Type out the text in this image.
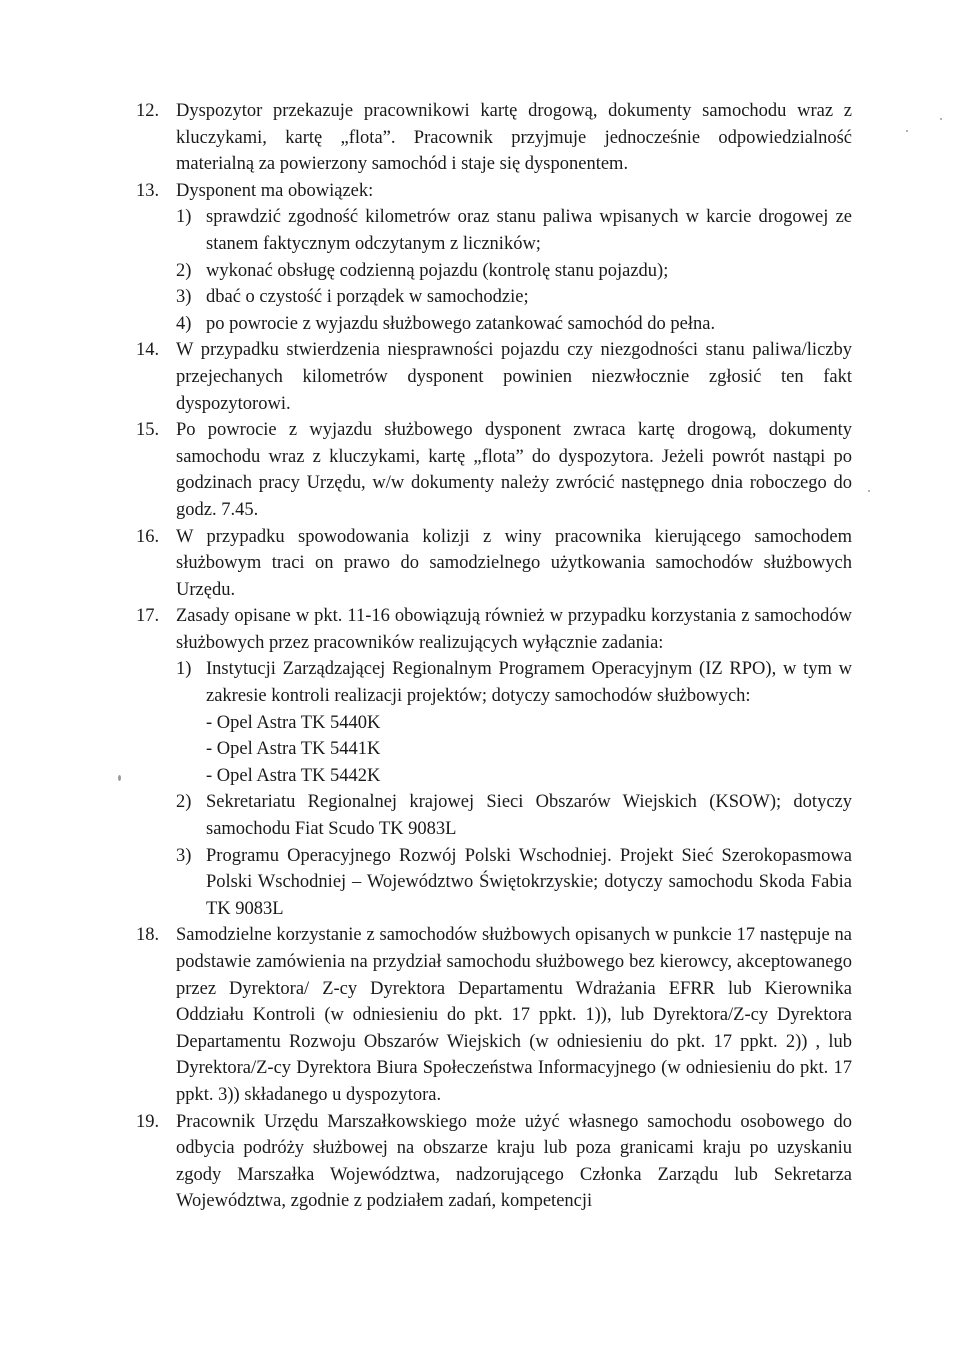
12. Dyspozytor przekazuje pracownikowi kartę drogową, dokumenty samochodu wraz z kluczykami, kartę „flota”. Pracownik przyjmuje jednocześnie odpowiedzialność materialną za powierzony samochód i staje się dysponentem.
13. Dysponent ma obowiązek:
1) sprawdzić zgodność kilometrów oraz stanu paliwa wpisanych w karcie drogowej ze stanem faktycznym odczytanym z liczników;
2) wykonać obsługę codzienną pojazdu (kontrolę stanu pojazdu);
3) dbać o czystość i porządek w samochodzie;
4) po powrocie z wyjazdu służbowego zatankować samochód do pełna.
14. W przypadku stwierdzenia niesprawności pojazdu czy niezgodności stanu paliwa/liczby przejechanych kilometrów dysponent powinien niezwłocznie zgłosić ten fakt dyspozytorowi.
15. Po powrocie z wyjazdu służbowego dysponent zwraca kartę drogową, dokumenty samochodu wraz z kluczykami, kartę „flota” do dyspozytora. Jeżeli powrót nastąpi po godzinach pracy Urzędu, w/w dokumenty należy zwrócić następnego dnia roboczego do godz. 7.45.
16. W przypadku spowodowania kolizji z winy pracownika kierującego samochodem służbowym traci on prawo do samodzielnego użytkowania samochodów służbowych Urzędu.
17. Zasady opisane w pkt. 11-16 obowiązują również w przypadku korzystania z samochodów służbowych przez pracowników realizujących wyłącznie zadania:
1) Instytucji Zarządzającej Regionalnym Programem Operacyjnym (IZ RPO), w tym w zakresie kontroli realizacji projektów; dotyczy samochodów służbowych:
- Opel Astra TK 5440K
- Opel Astra TK 5441K
- Opel Astra TK 5442K
2) Sekretariatu Regionalnej krajowej Sieci Obszarów Wiejskich (KSOW); dotyczy samochodu Fiat Scudo TK 9083L
3) Programu Operacyjnego Rozwój Polski Wschodniej. Projekt Sieć Szerokopasmowa Polski Wschodniej – Województwo Świętokrzyskie; dotyczy samochodu Skoda Fabia TK 9083L
18. Samodzielne korzystanie z samochodów służbowych opisanych w punkcie 17 następuje na podstawie zamówienia na przydział samochodu służbowego bez kierowcy, akceptowanego przez Dyrektora/ Z-cy Dyrektora Departamentu Wdrażania EFRR lub Kierownika Oddziału Kontroli (w odniesieniu do pkt. 17 ppkt. 1)), lub Dyrektora/Z-cy Dyrektora Departamentu Rozwoju Obszarów Wiejskich (w odniesieniu do pkt. 17 ppkt. 2)) , lub Dyrektora/Z-cy Dyrektora Biura Społeczeństwa Informacyjnego (w odniesieniu do pkt. 17 ppkt. 3)) składanego u dyspozytora.
19. Pracownik Urzędu Marszałkowskiego może użyć własnego samochodu osobowego do odbycia podróży służbowej na obszarze kraju lub poza granicami kraju po uzyskaniu zgody Marszałka Województwa, nadzorującego Członka Zarządu lub Sekretarza Województwa, zgodnie z podziałem zadań, kompetencji
